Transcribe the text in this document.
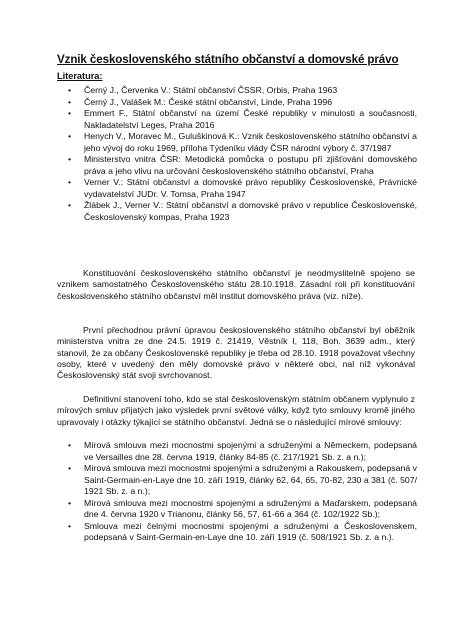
Vznik československého státního občanství a domovské právo
Literatura:
• Černý J., Červenka V.: Státní občanství ČSSR, Orbis, Praha 1963
• Černý J., Valášek M.: České státní občanství, Linde, Praha 1996
• Emmert F., Státní občanství na území České republiky v minulosti a současnosti, Nakladatelství Leges, Praha 2016
• Henych V., Moravec M., Guluškinová K.: Vznik československého státního občanství a jeho vývoj do roku 1969, příloha Týdeníku vlády ČSR národní výbory č. 37/1987
• Ministerstvo vnitra ČSR: Metodická pomůcka o postupu při zjišťování domovského práva a jeho vlivu na určování československého státního občanství, Praha
• Verner V.: Státní občanství a domovské právo republiky Československé, Právnické vydavatelství JUDr. V. Tomsa, Praha 1947
• Žlábek J., Verner V.: Státní občanství a domovské právo v republice Československé, Československý kompas, Praha 1923

Konstituování československého státního občanství je neodmyslitelně spojeno se vznikem samostatného Československého státu 28.10.1918. Zásadní roli při konstituování československého státního občanství měl institut domovského práva (viz. níže).

První přechodnou právní úpravou československého státního občanství byl oběžník ministerstva vnitra ze dne 24.5. 1919 č. 21419, Věstník I, 118, Boh. 3639 adm., který stanovil, že za občany Československé republiky je třeba od 28.10. 1918 považovat všechny osoby, které v uvedený den měly domovské právo v některé obci, nal níž vykonával Československý stát svoji svrchovanost.

Definitivní stanovení toho, kdo se stal československým státním občanem vyplynulo z mírových smluv přijatých jako výsledek první světové války, když tyto smlouvy kromě jiného upravovaly i otázky týkající se státního občanství. Jedná se o následující mírové smlouvy:

• Mírová smlouva mezi mocnostmi spojenými a sdruženými a Německem, podepsaná ve Versailles dne 28. června 1919, články 84-85 (č. 217/1921 Sb. z. a n.);
• Mírová smlouva mezi mocnostmi spojenými a sdruženými a Rakouskem, podepsaná v Saint-Germain-en-Laye dne 10. září 1919, články 62, 64, 65, 70-82, 230 a 381 (č. 507/ 1921 Sb. z. a n.);
• Mírová smlouva mezi mocnostmi spojenými a sdruženými a Maďarskem, podepsaná dne 4. června 1920 v Trianonu, články 56, 57, 61-66 a 364 (č. 102/1922 Sb.);
• Smlouva mezi čelnými mocnostmi spojenými a sdruženými a Československem, podepsaná v Saint-Germain-en-Laye dne 10. září 1919 (č. 508/1921 Sb. z. a n.).
